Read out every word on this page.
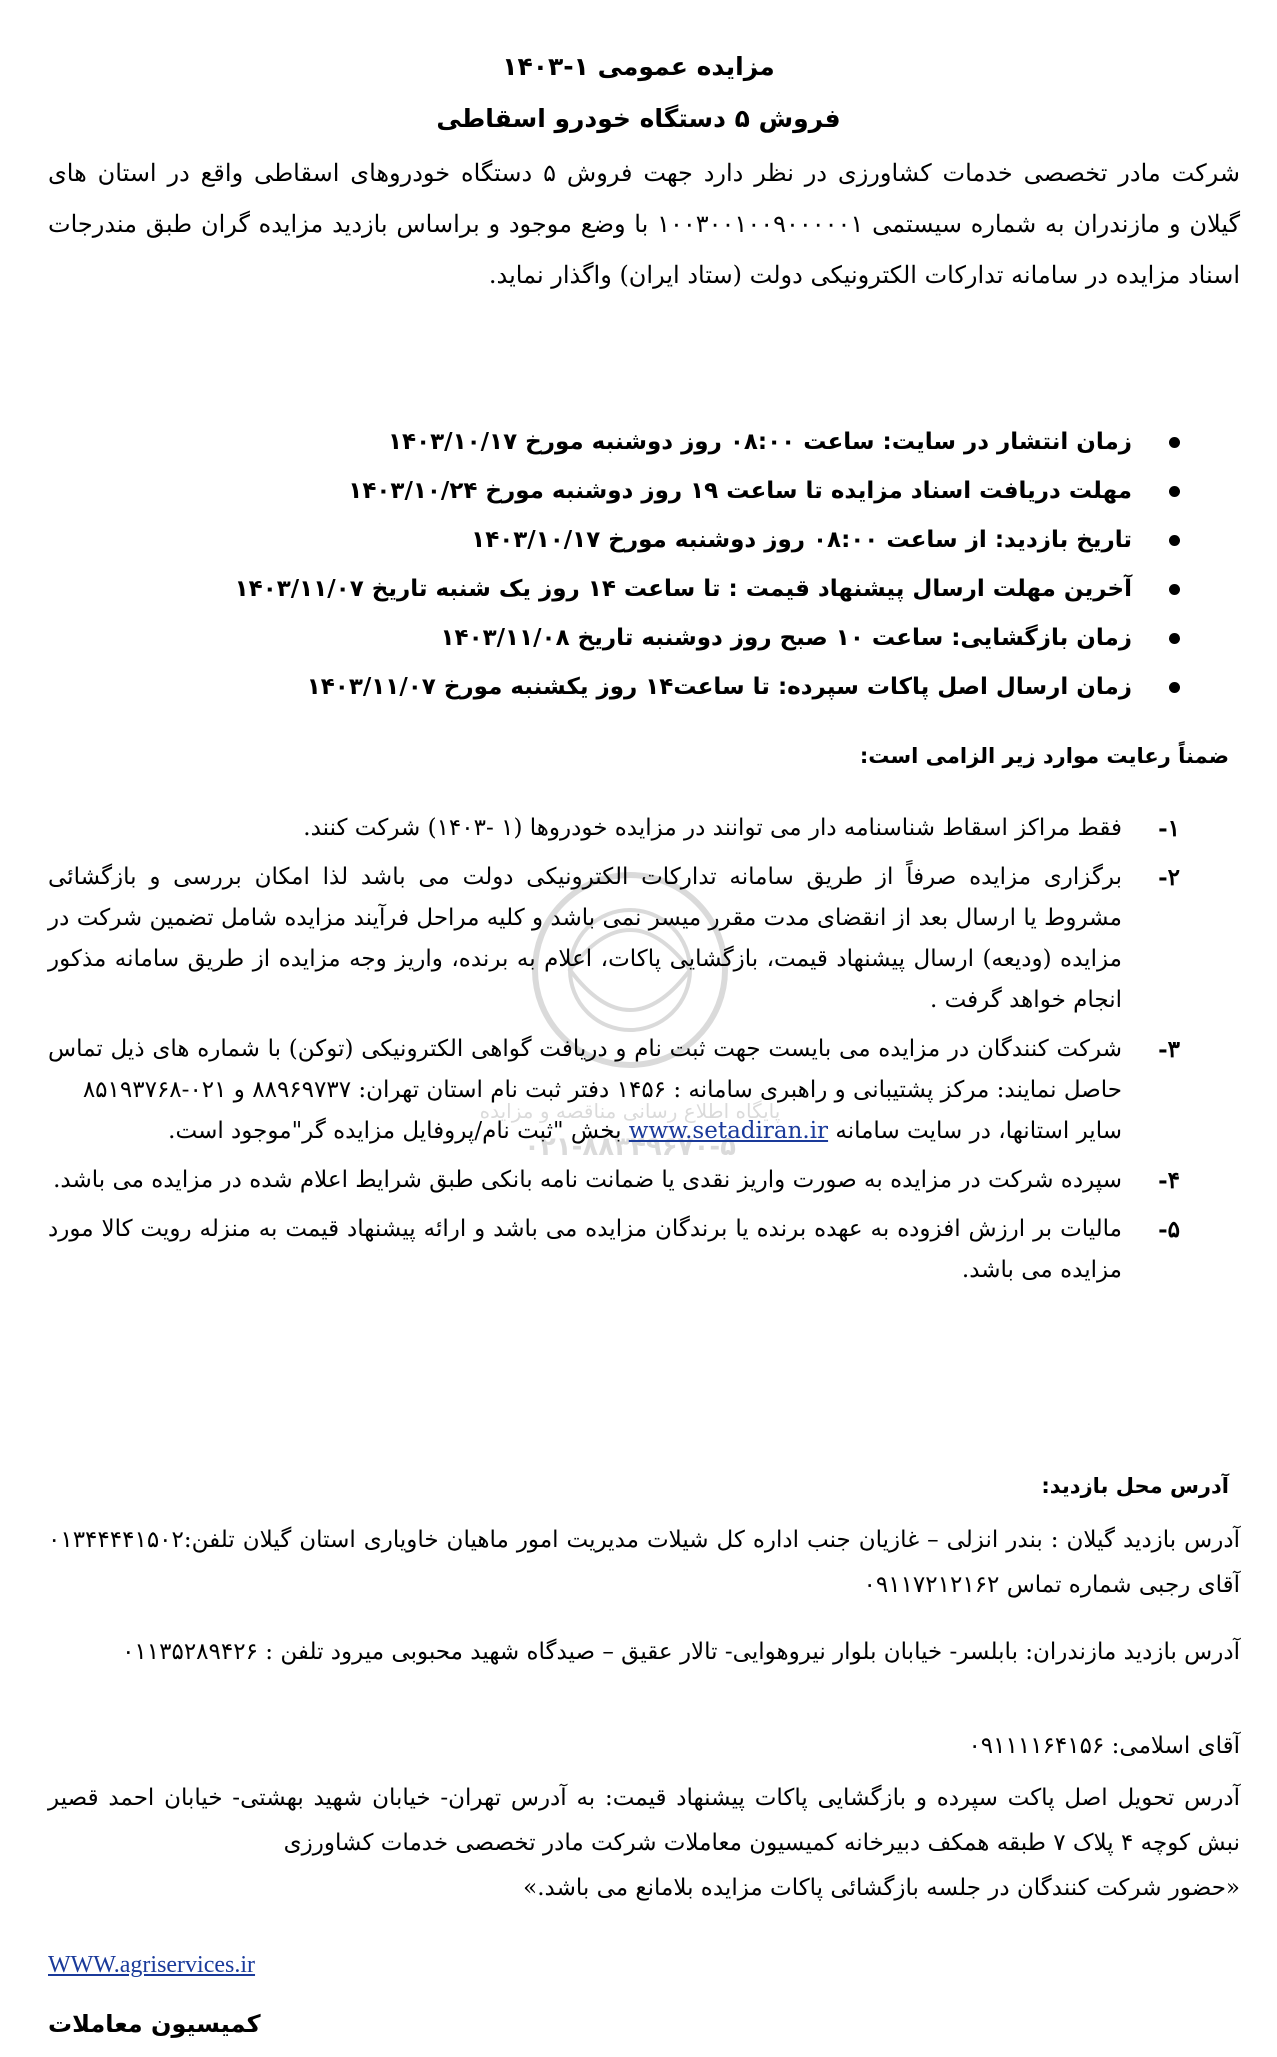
پایگاه اطلاع رسانی مناقصه و مزایده
۰۲۱-۸۸۳۴۹۶۷۰-۵
مزایده عمومی ۱-۱۴۰۳
فروش ۵ دستگاه خودرو اسقاطی
شرکت مادر تخصصی خدمات کشاورزی در نظر دارد جهت فروش ۵ دستگاه خودروهای اسقاطی واقع در استان های گیلان و مازندران به شماره سیستمی ۱۰۰۳۰۰۱۰۰۹۰۰۰۰۰۱ با وضع موجود و براساس بازدید مزایده گران طبق مندرجات اسناد مزایده در سامانه تدارکات الکترونیکی دولت (ستاد ایران) واگذار نماید.
زمان انتشار در سایت: ساعت ۰۸:۰۰ روز دوشنبه مورخ ۱۴۰۳/۱۰/۱۷
مهلت دریافت اسناد مزایده تا ساعت ۱۹ روز دوشنبه مورخ ۱۴۰۳/۱۰/۲۴
تاریخ بازدید: از ساعت ۰۸:۰۰ روز دوشنبه مورخ ۱۴۰۳/۱۰/۱۷
آخرین مهلت ارسال پیشنهاد قیمت : تا ساعت ۱۴ روز یک شنبه تاریخ ۱۴۰۳/۱۱/۰۷
زمان بازگشایی: ساعت ۱۰ صبح روز دوشنبه تاریخ ۱۴۰۳/۱۱/۰۸
زمان ارسال اصل پاکات سپرده: تا ساعت۱۴ روز یکشنبه مورخ ۱۴۰۳/۱۱/۰۷
ضمناً رعایت موارد زیر الزامی است:
۱-
فقط مراکز اسقاط شناسنامه دار می توانند در مزایده خودروها (۱ -۱۴۰۳) شرکت کنند.
۲-
برگزاری مزایده صرفاً از طریق سامانه تدارکات الکترونیکی دولت می باشد لذا امکان بررسی و بازگشائی مشروط یا ارسال بعد از انقضای مدت مقرر میسر نمی باشد و کلیه مراحل فرآیند مزایده شامل تضمین شرکت در مزایده (ودیعه) ارسال پیشنهاد قیمت، بازگشایی پاکات، اعلام به برنده، واریز وجه مزایده از طریق سامانه مذکور انجام خواهد گرفت .
۳-
شرکت کنندگان در مزایده می بایست جهت ثبت نام و دریافت گواهی الکترونیکی (توکن) با شماره های ذیل تماس حاصل نمایند: مرکز پشتیبانی و راهبری سامانه : ۱۴۵۶ دفتر ثبت نام استان تهران: ۸۸۹۶۹۷۳۷ و ۰۲۱-۸۵۱۹۳۷۶۸
سایر استانها، در سایت سامانه www.setadiran.ir بخش "ثبت نام/پروفایل مزایده گر"موجود است.
۴-
سپرده شرکت در مزایده به صورت واریز نقدی یا ضمانت نامه بانکی طبق شرایط اعلام شده در مزایده می باشد.
۵-
مالیات بر ارزش افزوده به عهده برنده یا برندگان مزایده می باشد و ارائه پیشنهاد قیمت به منزله رویت کالا مورد مزایده می باشد.
آدرس محل بازدید:
آدرس بازدید گیلان : بندر انزلی – غازیان جنب اداره کل شیلات مدیریت امور ماهیان خاویاری استان گیلان تلفن:۰۱۳۴۴۴۴۱۵۰۲ آقای رجبی شماره تماس ۰۹۱۱۷۲۱۲۱۶۲
آدرس بازدید مازندران: بابلسر- خیابان بلوار نیروهوایی- تالار عقیق – صیدگاه شهید محبوبی میرود تلفن : ۰۱۱۳۵۲۸۹۴۲۶
آقای اسلامی: ۰۹۱۱۱۱۶۴۱۵۶
آدرس تحویل اصل پاکت سپرده و بازگشایی پاکات پیشنهاد قیمت: به آدرس تهران- خیابان شهید بهشتی- خیابان احمد قصیر نبش کوچه ۴ پلاک ۷ طبقه همکف دبیرخانه کمیسیون معاملات شرکت مادر تخصصی خدمات کشاورزی
«حضور شرکت کنندگان در جلسه بازگشائی پاکات مزایده بلامانع می باشد.»
WWW.agriservices.ir
کمیسیون معاملات
